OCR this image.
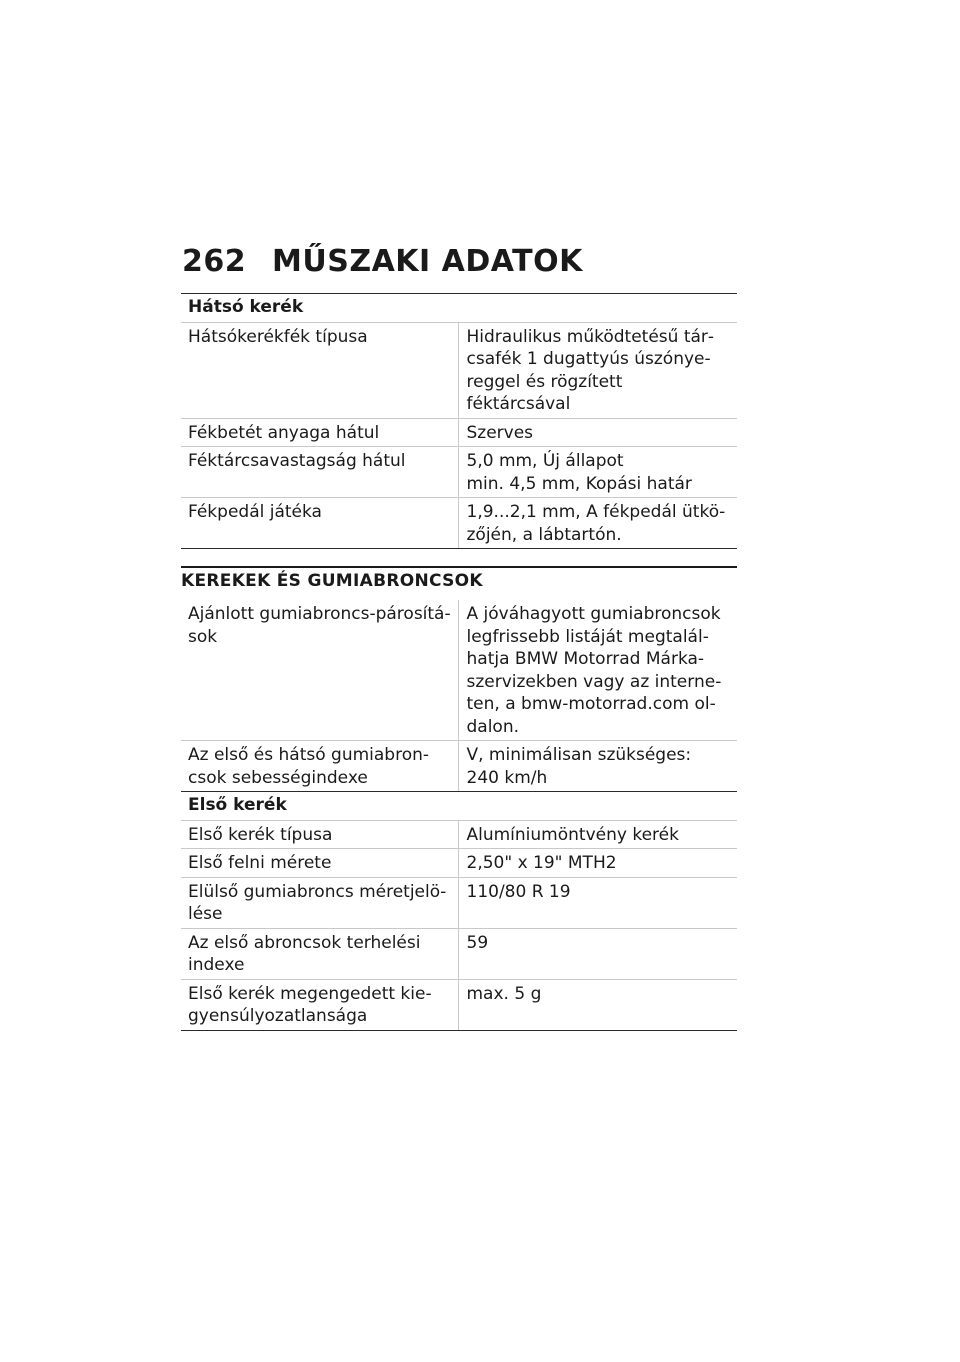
262 MŰSZAKI ADATOK
Hátsó kerék	
Hátsókerékfék típusa	Hidraulikus működtetésű tárcsafék 1 dugattyús úszónyereggel és rögzített féktárcsával
Fékbetét anyaga hátul	Szerves
Féktárcsavastagság hátul	5,0 mm, Új állapot
min. 4,5 mm, Kopási határ
Fékpedál játéka	1,9...2,1 mm, A fékpedál ütközőjén, a lábtartón.
KEREKEK ÉS GUMIABRONCSOK
Ajánlott gumiabroncs-párosítások	A jóváhagyott gumiabroncsok legfrissebb listáját megtalálhatja BMW Motorrad Márkaszervizekben vagy az interneten, a bmw-motorrad.com oldalon.
Az első és hátsó gumiabroncsok sebességindexe	V, minimálisan szükséges:
240 km/h
Első kerék	
Első kerék típusa	Alumíniumöntvény kerék
Első felni mérete	2,50" x 19" MTH2
Elülső gumiabroncs méretjelölése	110/80 R 19
Az első abroncsok terhelési indexe	59
Első kerék megengedett kiegyensúlyozatlansága	max. 5 g
